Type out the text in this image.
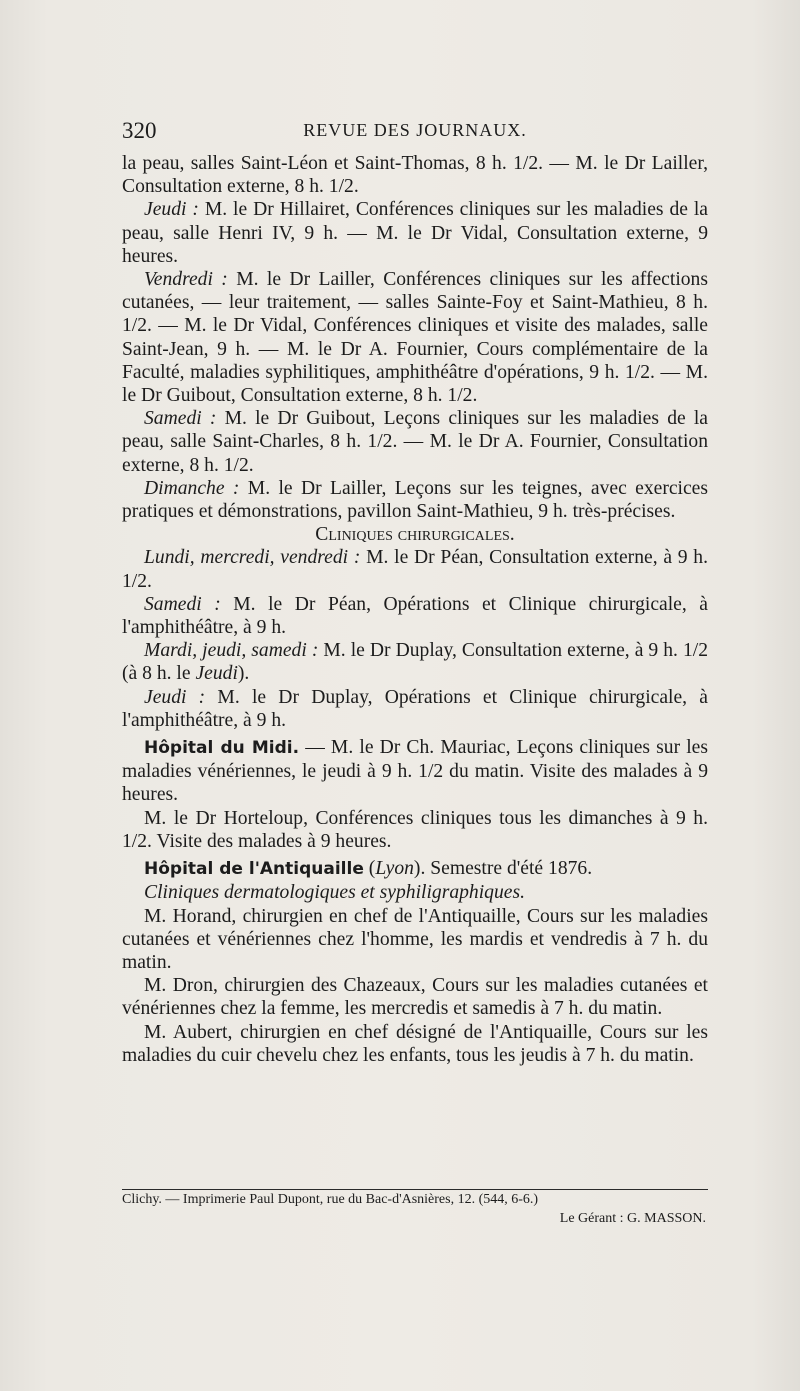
320	REVUE DES JOURNAUX.

la peau, salles Saint-Léon et Saint-Thomas, 8 h. 1/2. — M. le Dr Lailler, Consultation externe, 8 h. 1/2.

Jeudi : M. le Dr Hillairet, Conférences cliniques sur les maladies de la peau, salle Henri IV, 9 h. — M. le Dr Vidal, Consultation externe, 9 heures.

Vendredi : M. le Dr Lailler, Conférences cliniques sur les affections cutanées, — leur traitement, — salles Sainte-Foy et Saint-Mathieu, 8 h. 1/2. — M. le Dr Vidal, Conférences cliniques et visite des malades, salle Saint-Jean, 9 h. — M. le Dr A. Fournier, Cours complémentaire de la Faculté, maladies syphilitiques, amphithéâtre d'opérations, 9 h. 1/2. — M. le Dr Guibout, Consultation externe, 8 h. 1/2.

Samedi : M. le Dr Guibout, Leçons cliniques sur les maladies de la peau, salle Saint-Charles, 8 h. 1/2. — M. le Dr A. Fournier, Consultation externe, 8 h. 1/2.

Dimanche : M. le Dr Lailler, Leçons sur les teignes, avec exercices pratiques et démonstrations, pavillon Saint-Mathieu, 9 h. très-précises.

Cliniques chirurgicales.

Lundi, mercredi, vendredi : M. le Dr Péan, Consultation externe, à 9 h. 1/2.

Samedi : M. le Dr Péan, Opérations et Clinique chirurgicale, à l'amphithéâtre, à 9 h.

Mardi, jeudi, samedi : M. le Dr Duplay, Consultation externe, à 9 h. 1/2 (à 8 h. le Jeudi).

Jeudi : M. le Dr Duplay, Opérations et Clinique chirurgicale, à l'amphithéâtre, à 9 h.

Hôpital du Midi. — M. le Dr Ch. Mauriac, Leçons cliniques sur les maladies vénériennes, le jeudi à 9 h. 1/2 du matin. Visite des malades à 9 heures.

M. le Dr Horteloup, Conférences cliniques tous les dimanches à 9 h. 1/2. Visite des malades à 9 heures.

Hôpital de l'Antiquaille (Lyon). Semestre d'été 1876.

Cliniques dermatologiques et syphiligraphiques.

M. Horand, chirurgien en chef de l'Antiquaille, Cours sur les maladies cutanées et vénériennes chez l'homme, les mardis et vendredis à 7 h. du matin.

M. Dron, chirurgien des Chazeaux, Cours sur les maladies cutanées et vénériennes chez la femme, les mercredis et samedis à 7 h. du matin.

M. Aubert, chirurgien en chef désigné de l'Antiquaille, Cours sur les maladies du cuir chevelu chez les enfants, tous les jeudis à 7 h. du matin.

Clichy. — Imprimerie Paul Dupont, rue du Bac-d'Asnières, 12. (544, 6-6.)
Le Gérant : G. MASSON.
